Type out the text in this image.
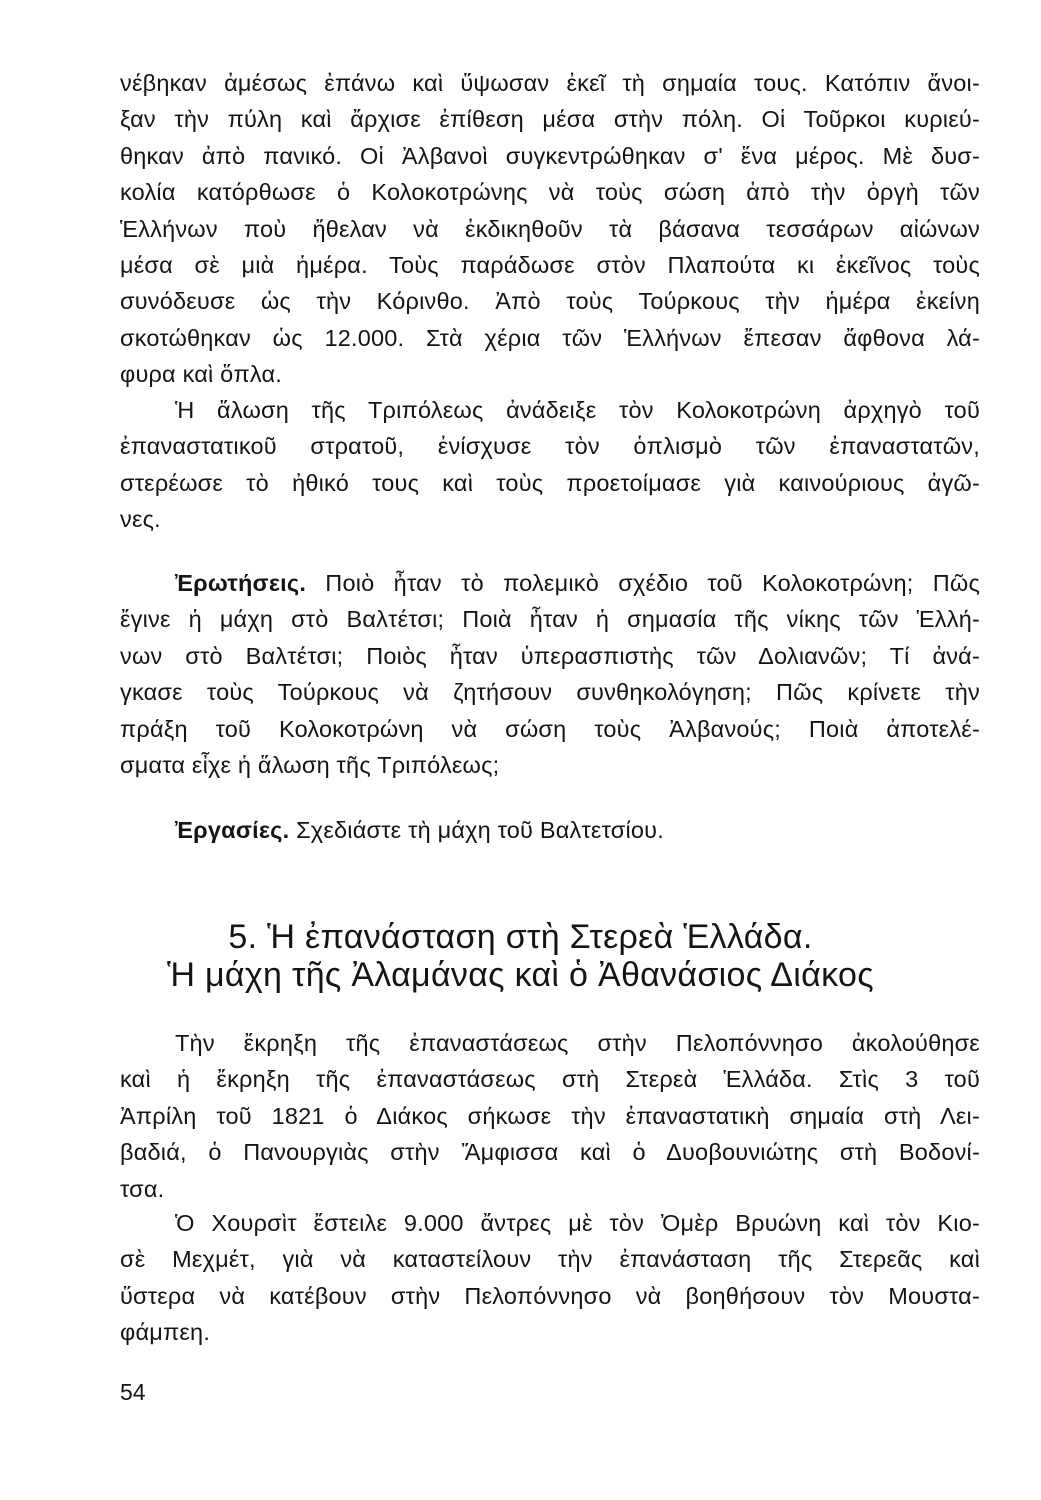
νέβηκαν ἀμέσως ἐπάνω καὶ ὕψωσαν ἐκεῖ τὴ σημαία τους. Κατόπιν ἄνοι-
ξαν τὴν πύλη καὶ ἄρχισε ἐπίθεση μέσα στὴν πόλη. Οἱ Τοῦρκοι κυριεύ-
θηκαν ἀπὸ πανικό. Οἱ Ἀλβανοὶ συγκεντρώθηκαν σ' ἕνα μέρος. Μὲ δυσ-
κολία κατόρθωσε ὁ Κολοκοτρώνης νὰ τοὺς σώση ἀπὸ τὴν ὀργὴ τῶν
Ἑλλήνων ποὺ ἤθελαν νὰ ἐκδικηθοῦν τὰ βάσανα τεσσάρων αἰώνων
μέσα σὲ μιὰ ἡμέρα. Τοὺς παράδωσε στὸν Πλαπούτα κι ἐκεῖνος τοὺς
συνόδευσε ὡς τὴν Κόρινθο. Ἀπὸ τοὺς Τούρκους τὴν ἡμέρα ἐκείνη
σκοτώθηκαν ὡς 12.000. Στὰ χέρια τῶν Ἑλλήνων ἔπεσαν ἄφθονα λά-
φυρα καὶ ὅπλα.
Ἡ ἅλωση τῆς Τριπόλεως ἀνάδειξε τὸν Κολοκοτρώνη ἀρχηγὸ τοῦ
ἐπαναστατικοῦ στρατοῦ, ἐνίσχυσε τὸν ὁπλισμὸ τῶν ἐπαναστατῶν,
στερέωσε τὸ ἠθικό τους καὶ τοὺς προετοίμασε γιὰ καινούριους ἀγῶ-
νες.
Ἐρωτήσεις. Ποιὸ ἦταν τὸ πολεμικὸ σχέδιο τοῦ Κολοκοτρώνη; Πῶς
ἔγινε ἡ μάχη στὸ Βαλτέτσι; Ποιὰ ἦταν ἡ σημασία τῆς νίκης τῶν Ἑλλή-
νων στὸ Βαλτέτσι; Ποιὸς ἦταν ὑπερασπιστὴς τῶν Δολιανῶν; Τί ἀνά-
γκασε τοὺς Τούρκους νὰ ζητήσουν συνθηκολόγηση; Πῶς κρίνετε τὴν
πράξη τοῦ Κολοκοτρώνη νὰ σώση τοὺς Ἀλβανούς; Ποιὰ ἀποτελέ-
σματα εἶχε ἡ ἅλωση τῆς Τριπόλεως;
Ἐργασίες. Σχεδιάστε τὴ μάχη τοῦ Βαλτετσίου.
5. Ἡ ἐπανάσταση στὴ Στερεὰ Ἑλλάδα.
Ἡ μάχη τῆς Ἀλαμάνας καὶ ὁ Ἀθανάσιος Διάκος
Τὴν ἔκρηξη τῆς ἐπαναστάσεως στὴν Πελοπόννησο ἀκολούθησε
καὶ ἡ ἔκρηξη τῆς ἐπαναστάσεως στὴ Στερεὰ Ἑλλάδα. Στὶς 3 τοῦ
Ἀπρίλη τοῦ 1821 ὁ Διάκος σήκωσε τὴν ἐπαναστατικὴ σημαία στὴ Λει-
βαδιά, ὁ Πανουργιὰς στὴν Ἄμφισσα καὶ ὁ Δυοβουνιώτης στὴ Βοδονί-
τσα.
Ὁ Χουρσὶτ ἔστειλε 9.000 ἄντρες μὲ τὸν Ὀμὲρ Βρυώνη καὶ τὸν Κιο-
σὲ Μεχμέτ, γιὰ νὰ καταστείλουν τὴν ἐπανάσταση τῆς Στερεᾶς καὶ
ὕστερα νὰ κατέβουν στὴν Πελοπόννησο νὰ βοηθήσουν τὸν Μουστα-
φάμπεη.
54
